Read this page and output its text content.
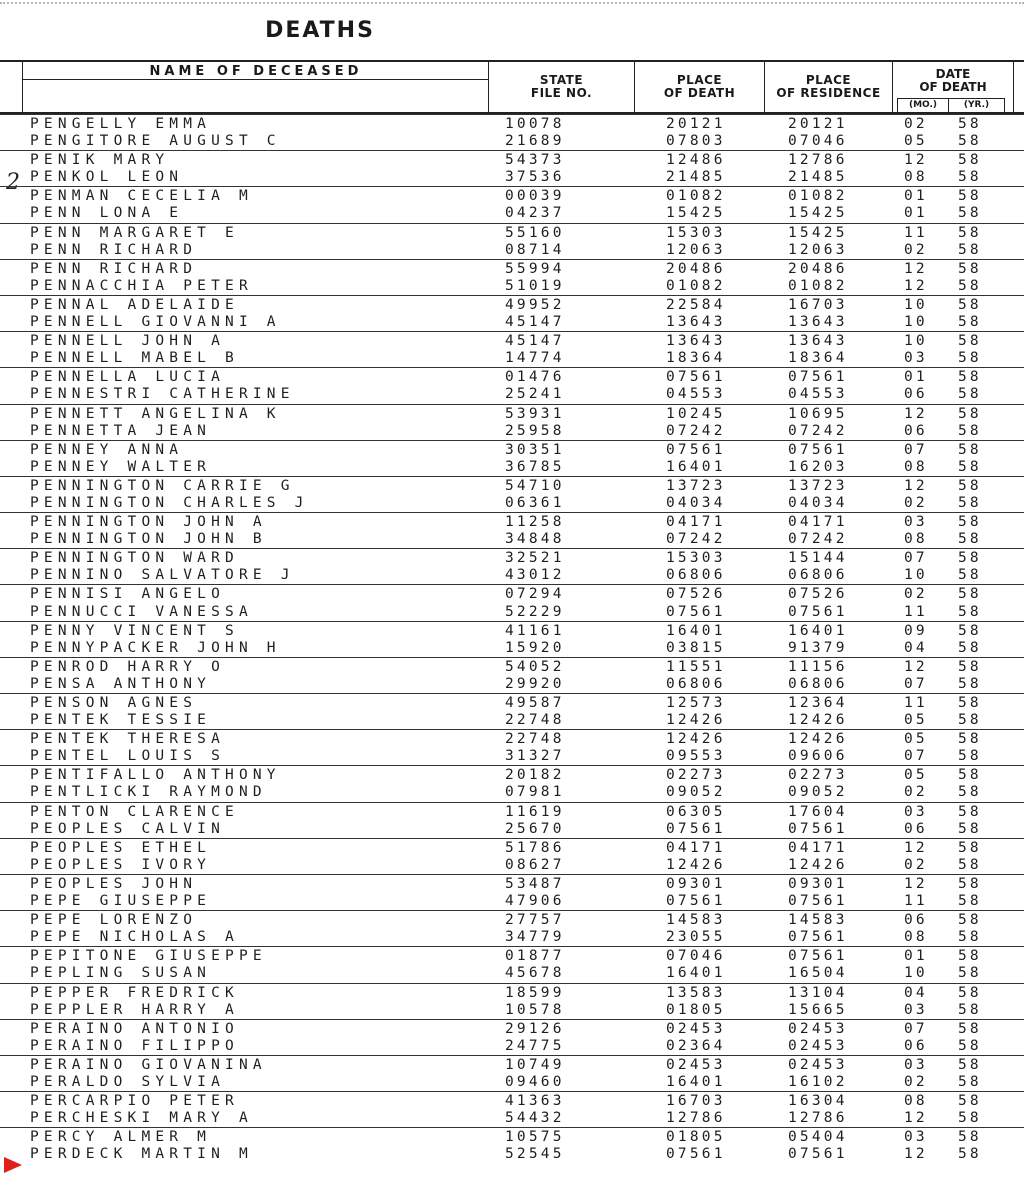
DEATHS
NAME OF DECEASED
STATE
FILE NO.
PLACE
OF DEATH
PLACE
OF RESIDENCE
DATE
OF DEATH
(MO.)	(YR.)
2
PENGELLY EMMA	10078	20121	20121	02 58
PENGITORE AUGUST C	21689	07803	07046	05 58
PENIK MARY	54373	12486	12786	12 58
PENKOL LEON	37536	21485	21485	08 58
PENMAN CECELIA M	00039	01082	01082	01 58
PENN LONA E	04237	15425	15425	01 58
PENN MARGARET E	55160	15303	15425	11 58
PENN RICHARD	08714	12063	12063	02 58
PENN RICHARD	55994	20486	20486	12 58
PENNACCHIA PETER	51019	01082	01082	12 58
PENNAL ADELAIDE	49952	22584	16703	10 58
PENNELL GIOVANNI A	45147	13643	13643	10 58
PENNELL JOHN A	45147	13643	13643	10 58
PENNELL MABEL B	14774	18364	18364	03 58
PENNELLA LUCIA	01476	07561	07561	01 58
PENNESTRI CATHERINE	25241	04553	04553	06 58
PENNETT ANGELINA K	53931	10245	10695	12 58
PENNETTA JEAN	25958	07242	07242	06 58
PENNEY ANNA	30351	07561	07561	07 58
PENNEY WALTER	36785	16401	16203	08 58
PENNINGTON CARRIE G	54710	13723	13723	12 58
PENNINGTON CHARLES J	06361	04034	04034	02 58
PENNINGTON JOHN A	11258	04171	04171	03 58
PENNINGTON JOHN B	34848	07242	07242	08 58
PENNINGTON WARD	32521	15303	15144	07 58
PENNINO SALVATORE J	43012	06806	06806	10 58
PENNISI ANGELO	07294	07526	07526	02 58
PENNUCCI VANESSA	52229	07561	07561	11 58
PENNY VINCENT S	41161	16401	16401	09 58
PENNYPACKER JOHN H	15920	03815	91379	04 58
PENROD HARRY O	54052	11551	11156	12 58
PENSA ANTHONY	29920	06806	06806	07 58
PENSON AGNES	49587	12573	12364	11 58
PENTEK TESSIE	22748	12426	12426	05 58
PENTEK THERESA	22748	12426	12426	05 58
PENTEL LOUIS S	31327	09553	09606	07 58
PENTIFALLO ANTHONY	20182	02273	02273	05 58
PENTLICKI RAYMOND	07981	09052	09052	02 58
PENTON CLARENCE	11619	06305	17604	03 58
PEOPLES CALVIN	25670	07561	07561	06 58
PEOPLES ETHEL	51786	04171	04171	12 58
PEOPLES IVORY	08627	12426	12426	02 58
PEOPLES JOHN	53487	09301	09301	12 58
PEPE GIUSEPPE	47906	07561	07561	11 58
PEPE LORENZO	27757	14583	14583	06 58
PEPE NICHOLAS A	34779	23055	07561	08 58
PEPITONE GIUSEPPE	01877	07046	07561	01 58
PEPLING SUSAN	45678	16401	16504	10 58
PEPPER FREDRICK	18599	13583	13104	04 58
PEPPLER HARRY A	10578	01805	15665	03 58
PERAINO ANTONIO	29126	02453	02453	07 58
PERAINO FILIPPO	24775	02364	02453	06 58
PERAINO GIOVANINA	10749	02453	02453	03 58
PERALDO SYLVIA	09460	16401	16102	02 58
PERCARPIO PETER	41363	16703	16304	08 58
PERCHESKI MARY A	54432	12786	12786	12 58
PERCY ALMER M	10575	01805	05404	03 58
PERDECK MARTIN M	52545	07561	07561	12 58
